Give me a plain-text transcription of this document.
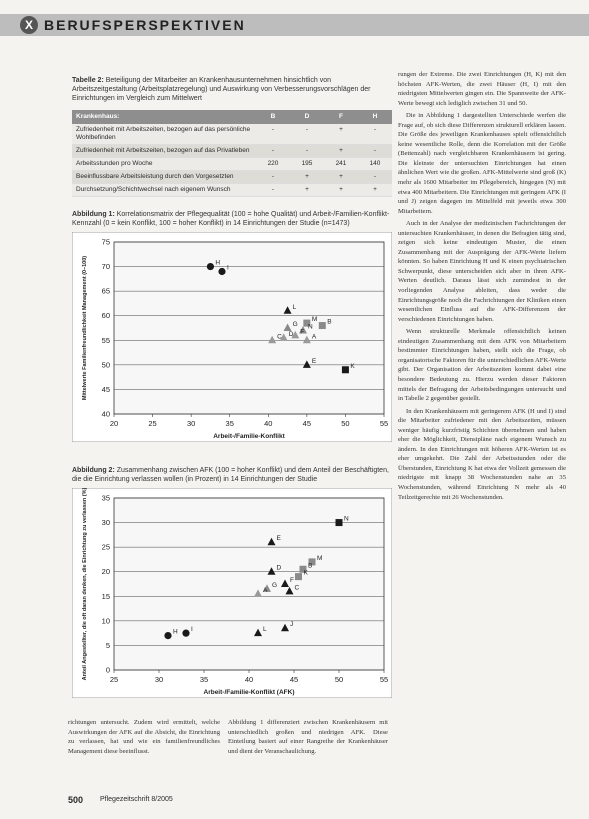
X BERUFSPERSPEKTIVEN
Tabelle 2: Beteiligung der Mitarbeiter an Krankenhausunternehmen hinsichtlich von Arbeitszeitgestaltung (Arbeitsplatzregelung) und Auswirkung von Verbesserungsvorschlägen der Einrichtungen im Vergleich zum Mittelwert
Krankenhaus:	B	D	F	H
Zufriedenheit mit Arbeitszeiten, bezogen auf das persönliche Wohlbefinden	-	-	+	-
Zufriedenheit mit Arbeitszeiten, bezogen auf das Privatleben	-	-	+	-
Arbeitsstunden pro Woche	220	195	241	140
Beeinflussbare Arbeitsleistung durch den Vorgesetzten	-	+	+	-
Durchsetzung/Schichtwechsel nach eigenem Wunsch	-	+	+	+
Abbildung 1: Korrelationsmatrix der Pflegequalität (100 = hohe Qualität) und Arbeit-/Familien-Konflikt-Kennzahl (0 = kein Konflikt, 100 = hoher Konflikt) in 14 Einrichtungen der Studie (n=1473)
40
45
50
55
60
65
70
75
20	25	30	35	40	45	50	55
Arbeit-/Familie-Konflikt
Mittelwerte Familienfreundlichkeit Management (0–100)	H
I
L
M B
N
G
C D F
A
E
K
Abbildung 2: Zusammenhang zwischen AFK (100 = hoher Konflikt) und dem Anteil der Beschäftigten, die die Einrichtung verlassen wollen (in Prozent) in 14 Einrichtungen der Studie
0
5
10
15
20
25
30
35
25	30	35	40	45	50	55
Arbeit-/Familie-Konflikt (AFK)
Anteil Angestellter, die oft daran denken, die Einrichtung zu verlassen (%)	N
E
M
B
D
K
F
G
A	C
I
H	L
J

rungen der Extreme. Die zwei Einrichtungen (H, K) mit den höchsten AFK-Werten, die zwei Häuser (H, I) mit den niedrigsten Mittelwerten gingen ein. Die Spannweite der AFK-Werte bewegt sich lediglich zwischen 31 und 50.

Die in Abbildung 1 dargestellten Unterschiede werfen die Frage auf, ob sich diese Differenzen strukturell erklären lassen. Die Größe des jeweiligen Krankenhauses spielt offensichtlich keine wesentliche Rolle, denn die Korrelation mit der Größe (Bettenzahl) nach vergleichbaren Krankenhäusern ist gering. Die kleinste der untersuchten Einrichtungen hat einen ähnlichen Wert wie die großen. AFK-Mittelwerte sind groß (K) mehr als 1600 Mitarbeiter im Pflegebereich, hingegen (N) mit etwa 400 Mitarbeitern. Die Einrichtungen mit geringem AFK (I und J) zeigen dagegen im Mittelfeld mit jeweils etwa 300 Mitarbeitern.

Auch in der Analyse der medizinischen Fachrichtungen der untersuchten Krankenhäuser, in denen die Befragten tätig sind, zeigen sich keine eindeutigen Muster, die einen Zusammenhang mit der Ausprägung der AFK-Werte liefern könnten. So haben Einrichtung H und K einen psychiatrischen Schwerpunkt, diese unterscheiden sich aber in ihren AFK-Werten deutlich. Daraus lässt sich zumindest in der vorliegenden Analyse ableiten, dass weder die Einrichtungsgröße noch die Fachrichtungen der Kliniken einen wesentlichen Einfluss auf die AFK-Differenzen der verschiedenen Einrichtungen haben.

Wenn strukturelle Merkmale offensichtlich keinen eindeutigen Zusammenhang mit dem AFK von Mitarbeitern bestimmter Einrichtungen haben, stellt sich die Frage, ob organisatorische Faktoren für die unterschiedlichen AFK-Werte gibt. Der Organisation der Arbeitszeiten kommt dabei eine besondere Bedeutung zu. Hierzu werden dieser Faktoren mittels der Befragung der Arbeitsbedingungen untersucht und in Tabelle 2 gegenüber gestellt.

In den Krankenhäusern mit geringerem AFK (H und I) sind die Mitarbeiter zufriedener mit den Arbeitszeiten, müssen weniger häufig kurzfristig Schichten übernehmen und haben eher die Möglichkeit, Dienstpläne nach eigenem Wunsch zu ändern. In den Einrichtungen mit höheren AFK-Werten ist es eher umgekehrt. Die Zahl der Arbeitsstunden oder die Überstunden, Einrichtung K hat etwa der Vollzeit gemessen die niedrigste mit knapp 38 Wochenstunden nahe an 35 Wochenstunden, während Einrichtung N mehr als 40 Teilzeitgerechte mit 26 Wochenstunden.

richtungen untersucht. Zudem wird ermittelt, welche Auswirkungen der AFK auf die Absicht, die Einrichtung zu verlassen, hat und wie ein familienfreundliches Management diese beeinflusst.

Abbildung 1 differenziert zwischen Krankenhäusern mit unterschiedlich großen und niedrigen AFK. Diese Einteilung basiert auf einer Rangreihe der Krankenhäuser und dient der Veranschaulichung.

500 Pflegezeitschrift 8/2005
